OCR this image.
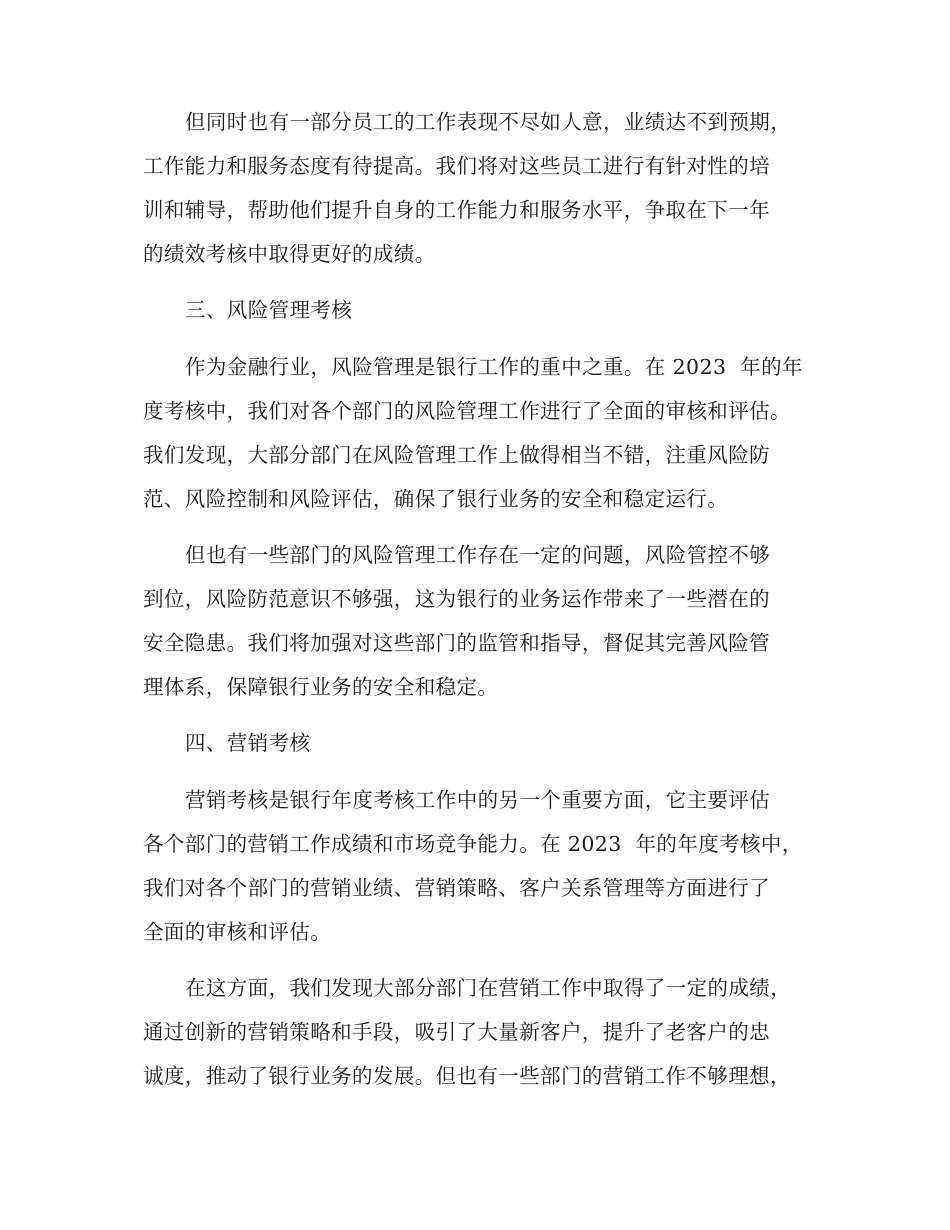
但同时也有一部分员工的工作表现不尽如人意，业绩达不到预期，
工作能力和服务态度有待提高。我们将对这些员工进行有针对性的培
训和辅导，帮助他们提升自身的工作能力和服务水平，争取在下一年
的绩效考核中取得更好的成绩。
三、风险管理考核
作为金融行业，风险管理是银行工作的重中之重。在 2023  年的年
度考核中，我们对各个部门的风险管理工作进行了全面的审核和评估。
我们发现，大部分部门在风险管理工作上做得相当不错，注重风险防
范、风险控制和风险评估，确保了银行业务的安全和稳定运行。
但也有一些部门的风险管理工作存在一定的问题，风险管控不够
到位，风险防范意识不够强，这为银行的业务运作带来了一些潜在的
安全隐患。我们将加强对这些部门的监管和指导，督促其完善风险管
理体系，保障银行业务的安全和稳定。
四、营销考核
营销考核是银行年度考核工作中的另一个重要方面，它主要评估
各个部门的营销工作成绩和市场竞争能力。在 2023  年的年度考核中，
我们对各个部门的营销业绩、营销策略、客户关系管理等方面进行了
全面的审核和评估。
在这方面，我们发现大部分部门在营销工作中取得了一定的成绩，
通过创新的营销策略和手段，吸引了大量新客户，提升了老客户的忠
诚度，推动了银行业务的发展。但也有一些部门的营销工作不够理想，
